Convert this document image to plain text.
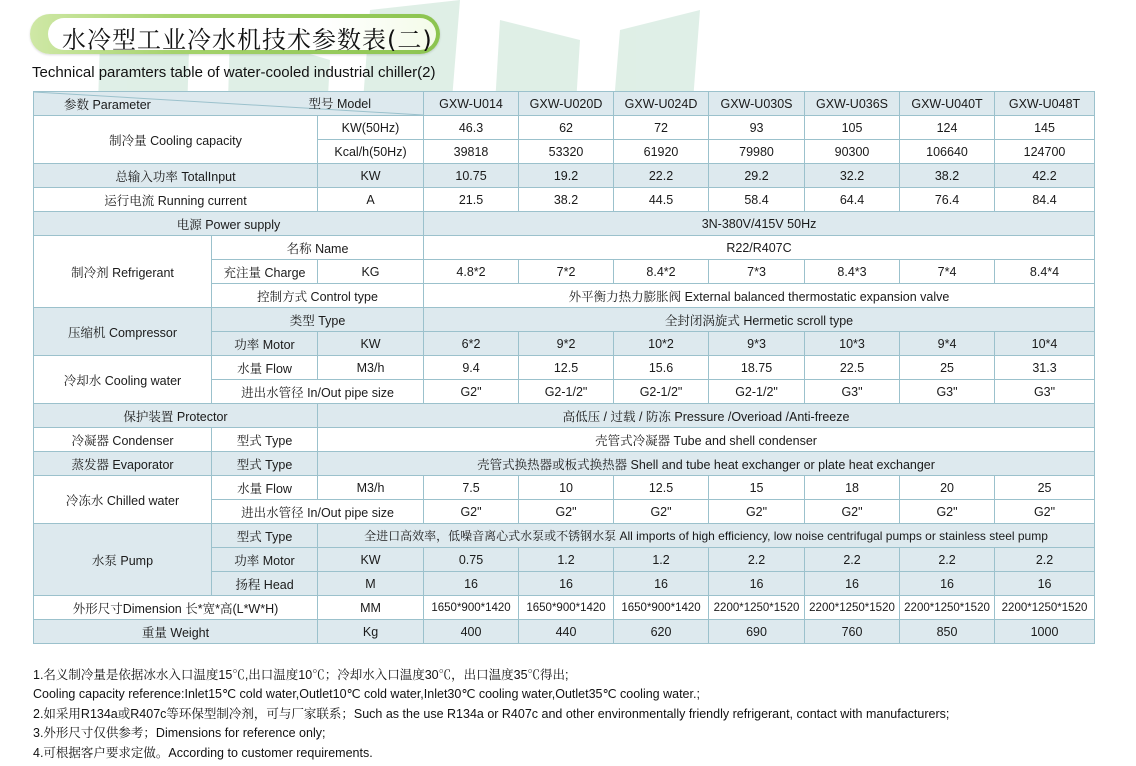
水冷型工业冷水机技术参数表(二)
Technical paramters table of water-cooled industrial chiller(2)
型号 Model
参数 Parameter			GXW-U014	GXW-U020D	GXW-U024D	GXW-U030S	GXW-U036S	GXW-U040T	GXW-U048T
制冷量 Cooling capacity		KW(50Hz)	46.3	62	72	93	105	124	145
		Kcal/h(50Hz)	39818	53320	61920	79980	90300	106640	124700
总输入功率 TotalInput		KW	10.75	19.2	22.2	29.2	32.2	38.2	42.2
运行电流 Running current		A	21.5	38.2	44.5	58.4	64.4	76.4	84.4
电源 Power supply			3N-380V/415V 50Hz						
制冷剂 Refrigerant	名称 Name		R22/R407C						
	充注量 Charge	KG	4.8*2	7*2	8.4*2	7*3	8.4*3	7*4	8.4*4
	控制方式 Control type		外平衡力热力膨胀阀 External balanced thermostatic expansion valve						
压缩机 Compressor	类型 Type		全封闭涡旋式 Hermetic scroll type						
	功率 Motor	KW	6*2	9*2	10*2	9*3	10*3	9*4	10*4
冷却水 Cooling water	水量 Flow	M3/h	9.4	12.5	15.6	18.75	22.5	25	31.3
	进出水管径 In/Out pipe size		G2"	G2-1/2"	G2-1/2"	G2-1/2"	G3"	G3"	G3"
保护装置 Protector		高低压 / 过载 / 防冻 Pressure /Overioad /Anti-freeze							
冷凝器 Condenser	型式 Type	壳管式冷凝器 Tube and shell condenser							
蒸发器 Evaporator	型式 Type	壳管式换热器或板式换热器 Shell and tube heat exchanger or plate heat exchanger							
冷冻水 Chilled water	水量 Flow	M3/h	7.5	10	12.5	15	18	20	25
	进出水管径 In/Out pipe size		G2"	G2"	G2"	G2"	G2"	G2"	G2"
水泵 Pump	型式 Type	全进口高效率，低噪音离心式水泵或不锈钢水泵 All imports of high efficiency, low noise centrifugal pumps or stainless steel pump							
	功率 Motor	KW	0.75	1.2	1.2	2.2	2.2	2.2	2.2
	扬程 Head	M	16	16	16	16	16	16	16
外形尺寸Dimension 长*宽*高(L*W*H)		MM	1650*900*1420	1650*900*1420	1650*900*1420	2200*1250*1520	2200*1250*1520	2200*1250*1520	2200*1250*1520
重量 Weight		Kg	400	440	620	690	760	850	1000
1.名义制冷量是依据冰水入口温度15℃,出口温度10℃；冷却水入口温度30℃，出口温度35℃得出;
Cooling capacity reference:Inlet15℃ cold water,Outlet10℃ cold water,Inlet30℃ cooling water,Outlet35℃ cooling water.;
2.如采用R134a或R407c等环保型制冷剂，可与厂家联系；Such as the use R134a or R407c and other environmentally friendly refrigerant, contact with manufacturers;
3.外形尺寸仅供参考；Dimensions for reference only;
4.可根据客户要求定做。According to customer requirements.
